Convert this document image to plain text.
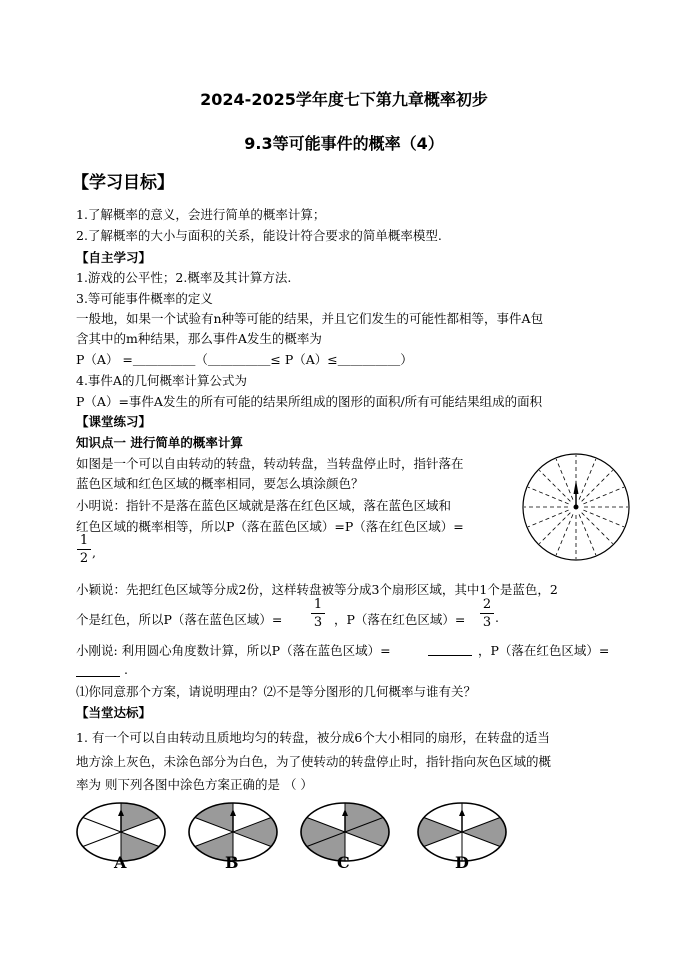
2024-2025学年度七下第九章概率初步
9.3等可能事件的概率（4）
【学习目标】
1.了解概率的意义，会进行简单的概率计算；
2.了解概率的大小与面积的关系，能设计符合要求的简单概率模型.
【自主学习】
1.游戏的公平性；2.概率及其计算方法.
3.等可能事件概率的定义
一般地，如果一个试验有n种等可能的结果，并且它们发生的可能性都相等，事件A包
含其中的m种结果，那么事件A发生的概率为
P（A） =＿＿＿＿＿（＿＿＿＿＿≤ P（A）≤＿＿＿＿＿）
4.事件A的几何概率计算公式为
P（A）=事件A发生的所有可能的结果所组成的图形的面积/所有可能结果组成的面积
【课堂练习】
知识点一 进行简单的概率计算
如图是一个可以自由转动的转盘，转动转盘，当转盘停止时，指针落在
蓝色区域和红色区域的概率相同，要怎么填涂颜色？
小明说：指针不是落在蓝色区域就是落在红色区域，落在蓝色区域和
红色区域的概率相等，所以P（落在蓝色区域）=P（落在红色区域）=
1
2 ,
小颖说：先把红色区域等分成2份，这样转盘被等分成3个扇形区域，其中1个是蓝色，2
个是红色，所以P（落在蓝色区域）=
1
3 ，P（落在红色区域）=
2
3 .
小刚说: 利用圆心角度数计算，所以P（落在蓝色区域）=	，P（落在红色区域）=
.
⑴你同意那个方案，请说明理由？⑵不是等分图形的几何概率与谁有关？
【当堂达标】
1. 有一个可以自由转动且质地均匀的转盘，被分成6个大小相同的扇形，在转盘的适当
地方涂上灰色，未涂色部分为白色，为了使转动的转盘停止时，指针指向灰色区域的概
率为 则下列各图中涂色方案正确的是 （ ）
A	B	C	D
